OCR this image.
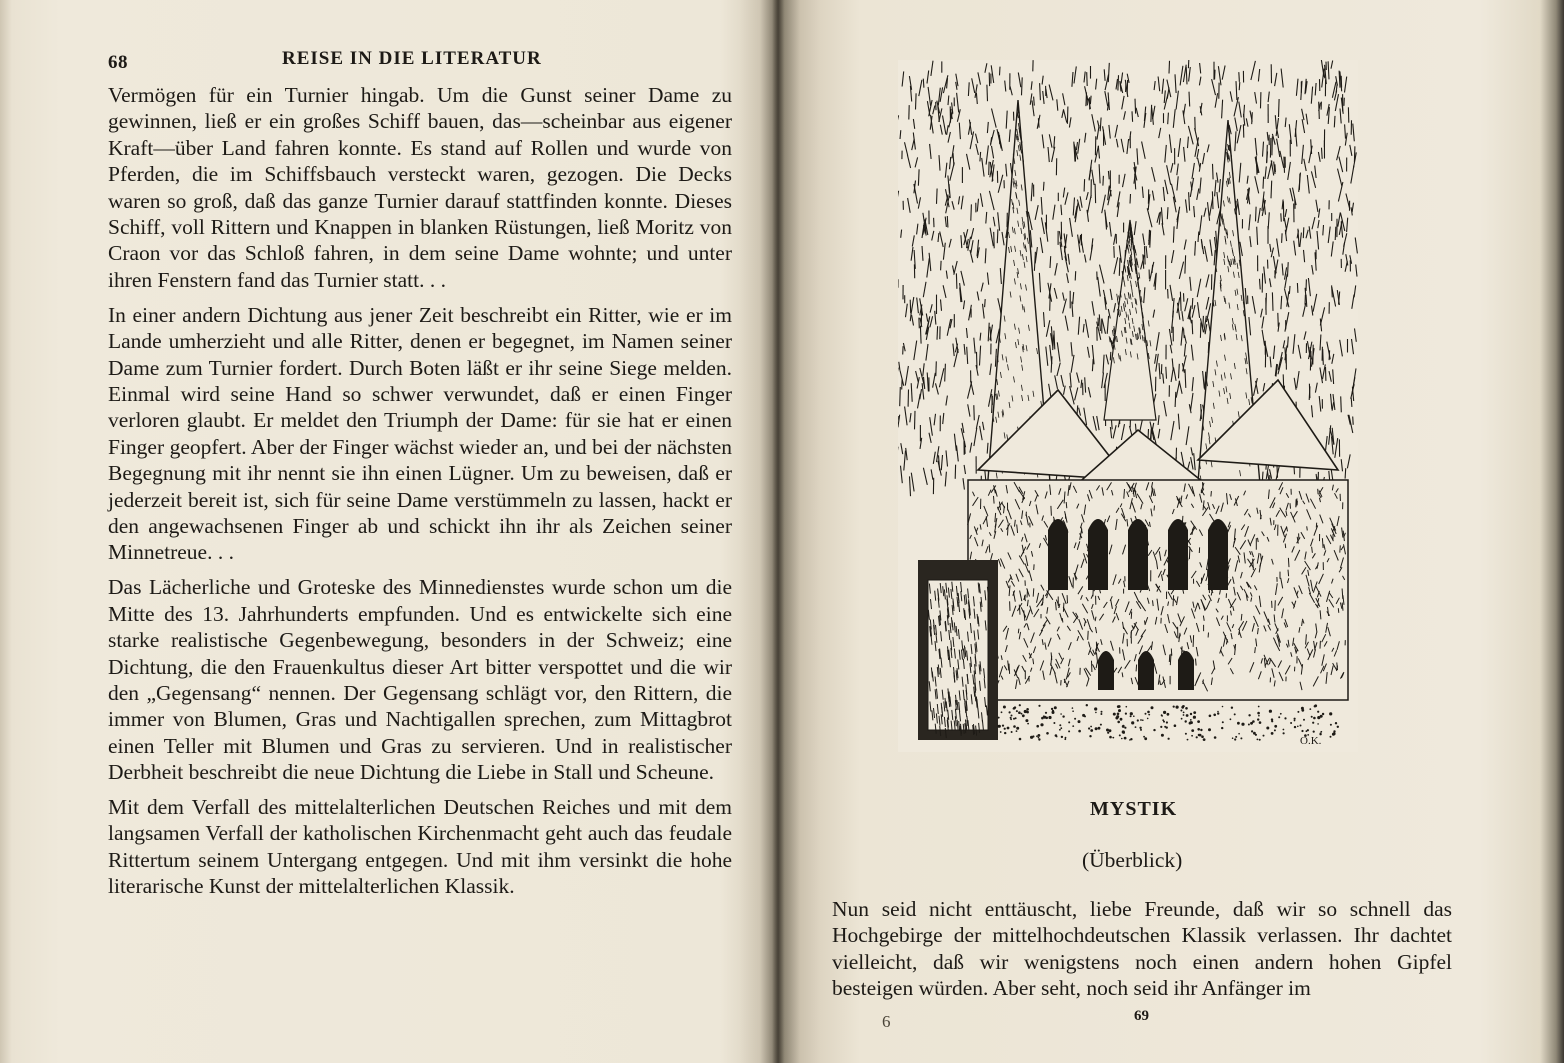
68	REISE IN DIE LITERATUR

Vermögen für ein Turnier hingab. Um die Gunst seiner Dame zu gewinnen, ließ er ein großes Schiff bauen, das—scheinbar aus eigener Kraft—über Land fahren konnte. Es stand auf Rollen und wurde von Pferden, die im Schiffsbauch versteckt waren, gezogen. Die Decks waren so groß, daß das ganze Turnier darauf stattfinden konnte. Dieses Schiff, voll Rittern und Knappen in blanken Rüstungen, ließ Moritz von Craon vor das Schloß fahren, in dem seine Dame wohnte; und unter ihren Fenstern fand das Turnier statt. . .

In einer andern Dichtung aus jener Zeit beschreibt ein Ritter, wie er im Lande umherzieht und alle Ritter, denen er begegnet, im Namen seiner Dame zum Turnier fordert. Durch Boten läßt er ihr seine Siege melden. Einmal wird seine Hand so schwer verwundet, daß er einen Finger verloren glaubt. Er meldet den Triumph der Dame: für sie hat er einen Finger geopfert. Aber der Finger wächst wieder an, und bei der nächsten Begegnung mit ihr nennt sie ihn einen Lügner. Um zu beweisen, daß er jederzeit bereit ist, sich für seine Dame verstümmeln zu lassen, hackt er den angewachsenen Finger ab und schickt ihn ihr als Zeichen seiner Minnetreue. . .

Das Lächerliche und Groteske des Minnedienstes wurde schon um die Mitte des 13. Jahrhunderts empfunden. Und es entwickelte sich eine starke realistische Gegenbewegung, besonders in der Schweiz; eine Dichtung, die den Frauenkultus dieser Art bitter verspottet und die wir den „Gegensang“ nennen. Der Gegensang schlägt vor, den Rittern, die immer von Blumen, Gras und Nachtigallen sprechen, zum Mittagbrot einen Teller mit Blumen und Gras zu servieren. Und in realistischer Derbheit beschreibt die neue Dichtung die Liebe in Stall und Scheune.

Mit dem Verfall des mittelalterlichen Deutschen Reiches und mit dem langsamen Verfall der katholischen Kirchenmacht geht auch das feudale Rittertum seinem Untergang entgegen. Und mit ihm versinkt die hohe literarische Kunst der mittelalterlichen Klassik.

O.K.
MYSTIK
(Überblick)

Nun seid nicht enttäuscht, liebe Freunde, daß wir so schnell das Hochgebirge der mittelhochdeutschen Klassik verlassen. Ihr dachtet vielleicht, daß wir wenigstens noch einen andern hohen Gipfel besteigen würden. Aber seht, noch seid ihr Anfänger im

6	69
